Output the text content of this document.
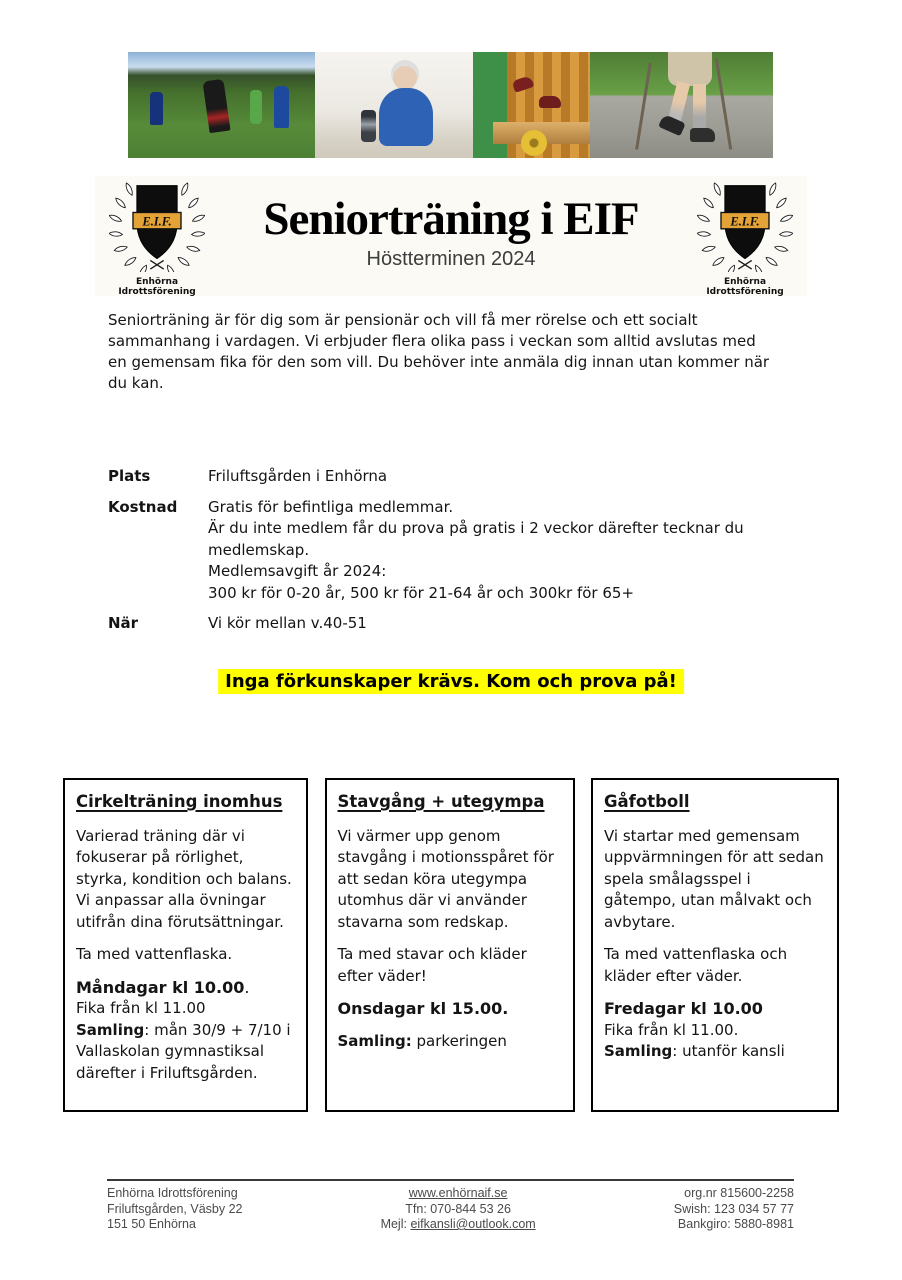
E.I.F.
Enhörna Idrottsförening
Seniorträning i EIF
Höstterminen 2024
E.I.F.
Enhörna Idrottsförening

Seniorträning är för dig som är pensionär och vill få mer rörelse och ett socialt sammanhang i vardagen. Vi erbjuder flera olika pass i veckan som alltid avslutas med en gemensam fika för den som vill. Du behöver inte anmäla dig innan utan kommer när du kan.

Plats	Friluftsgården i Enhörna
Kostnad	Gratis för befintliga medlemmar.
Är du inte medlem får du prova på gratis i 2 veckor därefter tecknar du medlemskap.
Medlemsavgift år 2024:
300 kr för 0-20 år, 500 kr för 21-64 år och 300kr för 65+
När	Vi kör mellan v.40-51
Inga förkunskaper krävs. Kom och prova på!
Cirkelträning inomhus

Varierad träning där vi fokuserar på rörlighet, styrka, kondition och balans. Vi anpassar alla övningar utifrån dina förutsättningar.

Ta med vattenflaska.

Måndagar kl 10.00.
Fika från kl 11.00
Samling: mån 30/9 + 7/10 i Vallaskolan gymnastiksal därefter i Friluftsgården.
Stavgång + utegympa

Vi värmer upp genom stavgång i motionsspåret för att sedan köra utegympa utomhus där vi använder stavarna som redskap.

Ta med stavar och kläder efter väder!

Onsdagar kl 15.00.

Samling: parkeringen

Gåfotboll

Vi startar med gemensam uppvärmningen för att sedan spela smålagsspel i gåtempo, utan målvakt och avbytare.

Ta med vattenflaska och kläder efter väder.

Fredagar kl 10.00
Fika från kl 11.00.
Samling: utanför kansli
Enhörna Idrottsförening
Friluftsgården, Väsby 22
151 50 Enhörna
www.enhörnaif.se
Tfn: 070-844 53 26
Mejl: eifkansli@outlook.com
org.nr 815600-2258
Swish: 123 034 57 77
Bankgiro: 5880-8981
